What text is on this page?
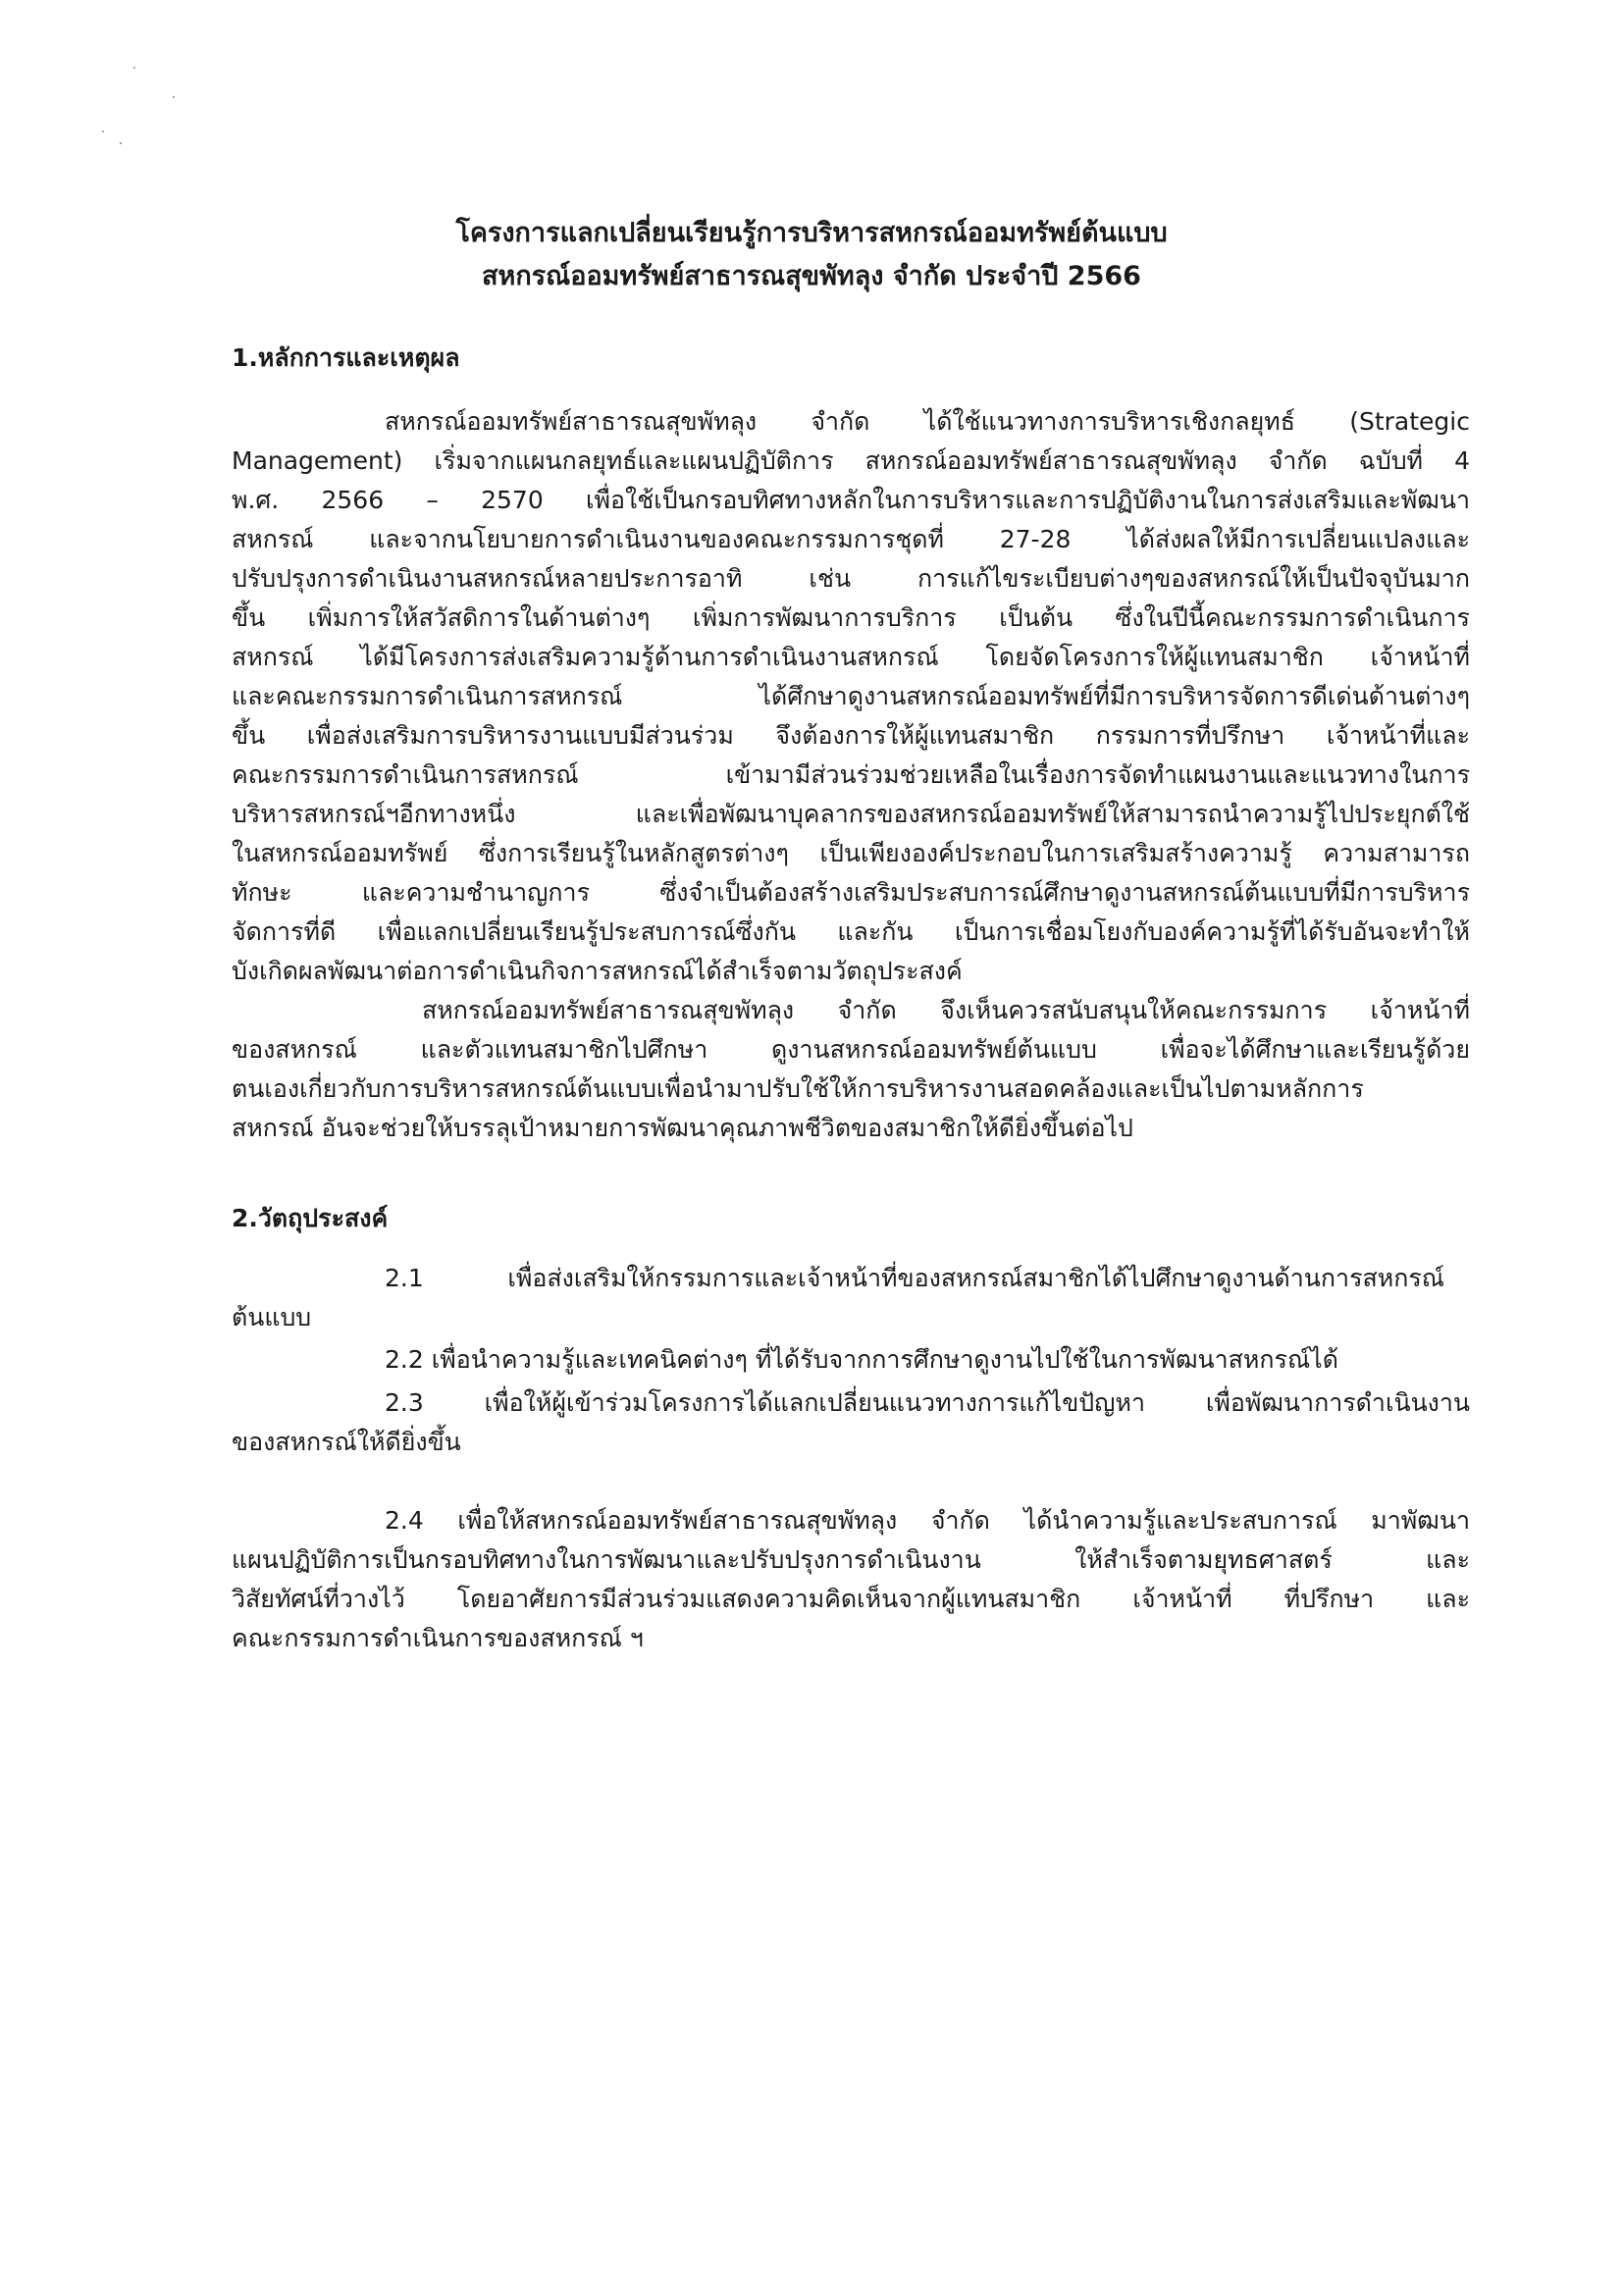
โครงการแลกเปลี่ยนเรียนรู้การบริหารสหกรณ์ออมทรัพย์ต้นแบบ
สหกรณ์ออมทรัพย์สาธารณสุขพัทลุง จำกัด ประจำปี 2566
1.หลักการและเหตุผล
สหกรณ์ออมทรัพย์สาธารณสุขพัทลุง จำกัด ได้ใช้แนวทางการบริหารเชิงกลยุทธ์ (Strategic
Management) เริ่มจากแผนกลยุทธ์และแผนปฏิบัติการ สหกรณ์ออมทรัพย์สาธารณสุขพัทลุง จำกัด ฉบับที่ 4
พ.ศ. 2566 – 2570 เพื่อใช้เป็นกรอบทิศทางหลักในการบริหารและการปฏิบัติงานในการส่งเสริมและพัฒนา
สหกรณ์ และจากนโยบายการดำเนินงานของคณะกรรมการชุดที่ 27-28 ได้ส่งผลให้มีการเปลี่ยนแปลงและ
ปรับปรุงการดำเนินงานสหกรณ์หลายประการอาทิ เช่น การแก้ไขระเบียบต่างๆของสหกรณ์ให้เป็นปัจจุบันมาก
ขึ้น เพิ่มการให้สวัสดิการในด้านต่างๆ เพิ่มการพัฒนาการบริการ เป็นต้น ซึ่งในปีนี้คณะกรรมการดำเนินการ
สหกรณ์ ได้มีโครงการส่งเสริมความรู้ด้านการดำเนินงานสหกรณ์ โดยจัดโครงการให้ผู้แทนสมาชิก เจ้าหน้าที่
และคณะกรรมการดำเนินการสหกรณ์ ได้ศึกษาดูงานสหกรณ์ออมทรัพย์ที่มีการบริหารจัดการดีเด่นด้านต่างๆ
ขึ้น เพื่อส่งเสริมการบริหารงานแบบมีส่วนร่วม จึงต้องการให้ผู้แทนสมาชิก กรรมการที่ปรึกษา เจ้าหน้าที่และ
คณะกรรมการดำเนินการสหกรณ์ เข้ามามีส่วนร่วมช่วยเหลือในเรื่องการจัดทำแผนงานและแนวทางในการ
บริหารสหกรณ์ฯอีกทางหนึ่ง และเพื่อพัฒนาบุคลากรของสหกรณ์ออมทรัพย์ให้สามารถนำความรู้ไปประยุกต์ใช้
ในสหกรณ์ออมทรัพย์ ซึ่งการเรียนรู้ในหลักสูตรต่างๆ เป็นเพียงองค์ประกอบในการเสริมสร้างความรู้ ความสามารถ
ทักษะ และความชำนาญการ ซึ่งจำเป็นต้องสร้างเสริมประสบการณ์ศึกษาดูงานสหกรณ์ต้นแบบที่มีการบริหาร
จัดการที่ดี เพื่อแลกเปลี่ยนเรียนรู้ประสบการณ์ซึ่งกัน และกัน เป็นการเชื่อมโยงกับองค์ความรู้ที่ได้รับอันจะทำให้
บังเกิดผลพัฒนาต่อการดำเนินกิจการสหกรณ์ได้สำเร็จตามวัตถุประสงค์
สหกรณ์ออมทรัพย์สาธารณสุขพัทลุง จำกัด จึงเห็นควรสนับสนุนให้คณะกรรมการ เจ้าหน้าที่
ของสหกรณ์ และตัวแทนสมาชิกไปศึกษา ดูงานสหกรณ์ออมทรัพย์ต้นแบบ เพื่อจะได้ศึกษาและเรียนรู้ด้วย
ตนเองเกี่ยวกับการบริหารสหกรณ์ต้นแบบเพื่อนำมาปรับใช้ให้การบริหารงานสอดคล้องและเป็นไปตามหลักการ
สหกรณ์ อันจะช่วยให้บรรลุเป้าหมายการพัฒนาคุณภาพชีวิตของสมาชิกให้ดียิ่งขึ้นต่อไป
2.วัตถุประสงค์
2.1 เพื่อส่งเสริมให้กรรมการและเจ้าหน้าที่ของสหกรณ์สมาชิกได้ไปศึกษาดูงานด้านการสหกรณ์
ต้นแบบ
2.2 เพื่อนำความรู้และเทคนิคต่างๆ ที่ได้รับจากการศึกษาดูงานไปใช้ในการพัฒนาสหกรณ์ได้
2.3 เพื่อให้ผู้เข้าร่วมโครงการได้แลกเปลี่ยนแนวทางการแก้ไขปัญหา เพื่อพัฒนาการดำเนินงาน
ของสหกรณ์ให้ดียิ่งขึ้น
2.4 เพื่อให้สหกรณ์ออมทรัพย์สาธารณสุขพัทลุง จำกัด ได้นำความรู้และประสบการณ์ มาพัฒนา
แผนปฏิบัติการเป็นกรอบทิศทางในการพัฒนาและปรับปรุงการดำเนินงาน ให้สำเร็จตามยุทธศาสตร์ และ
วิสัยทัศน์ที่วางไว้ โดยอาศัยการมีส่วนร่วมแสดงความคิดเห็นจากผู้แทนสมาชิก เจ้าหน้าที่ ที่ปรึกษา และ
คณะกรรมการดำเนินการของสหกรณ์ ฯ
